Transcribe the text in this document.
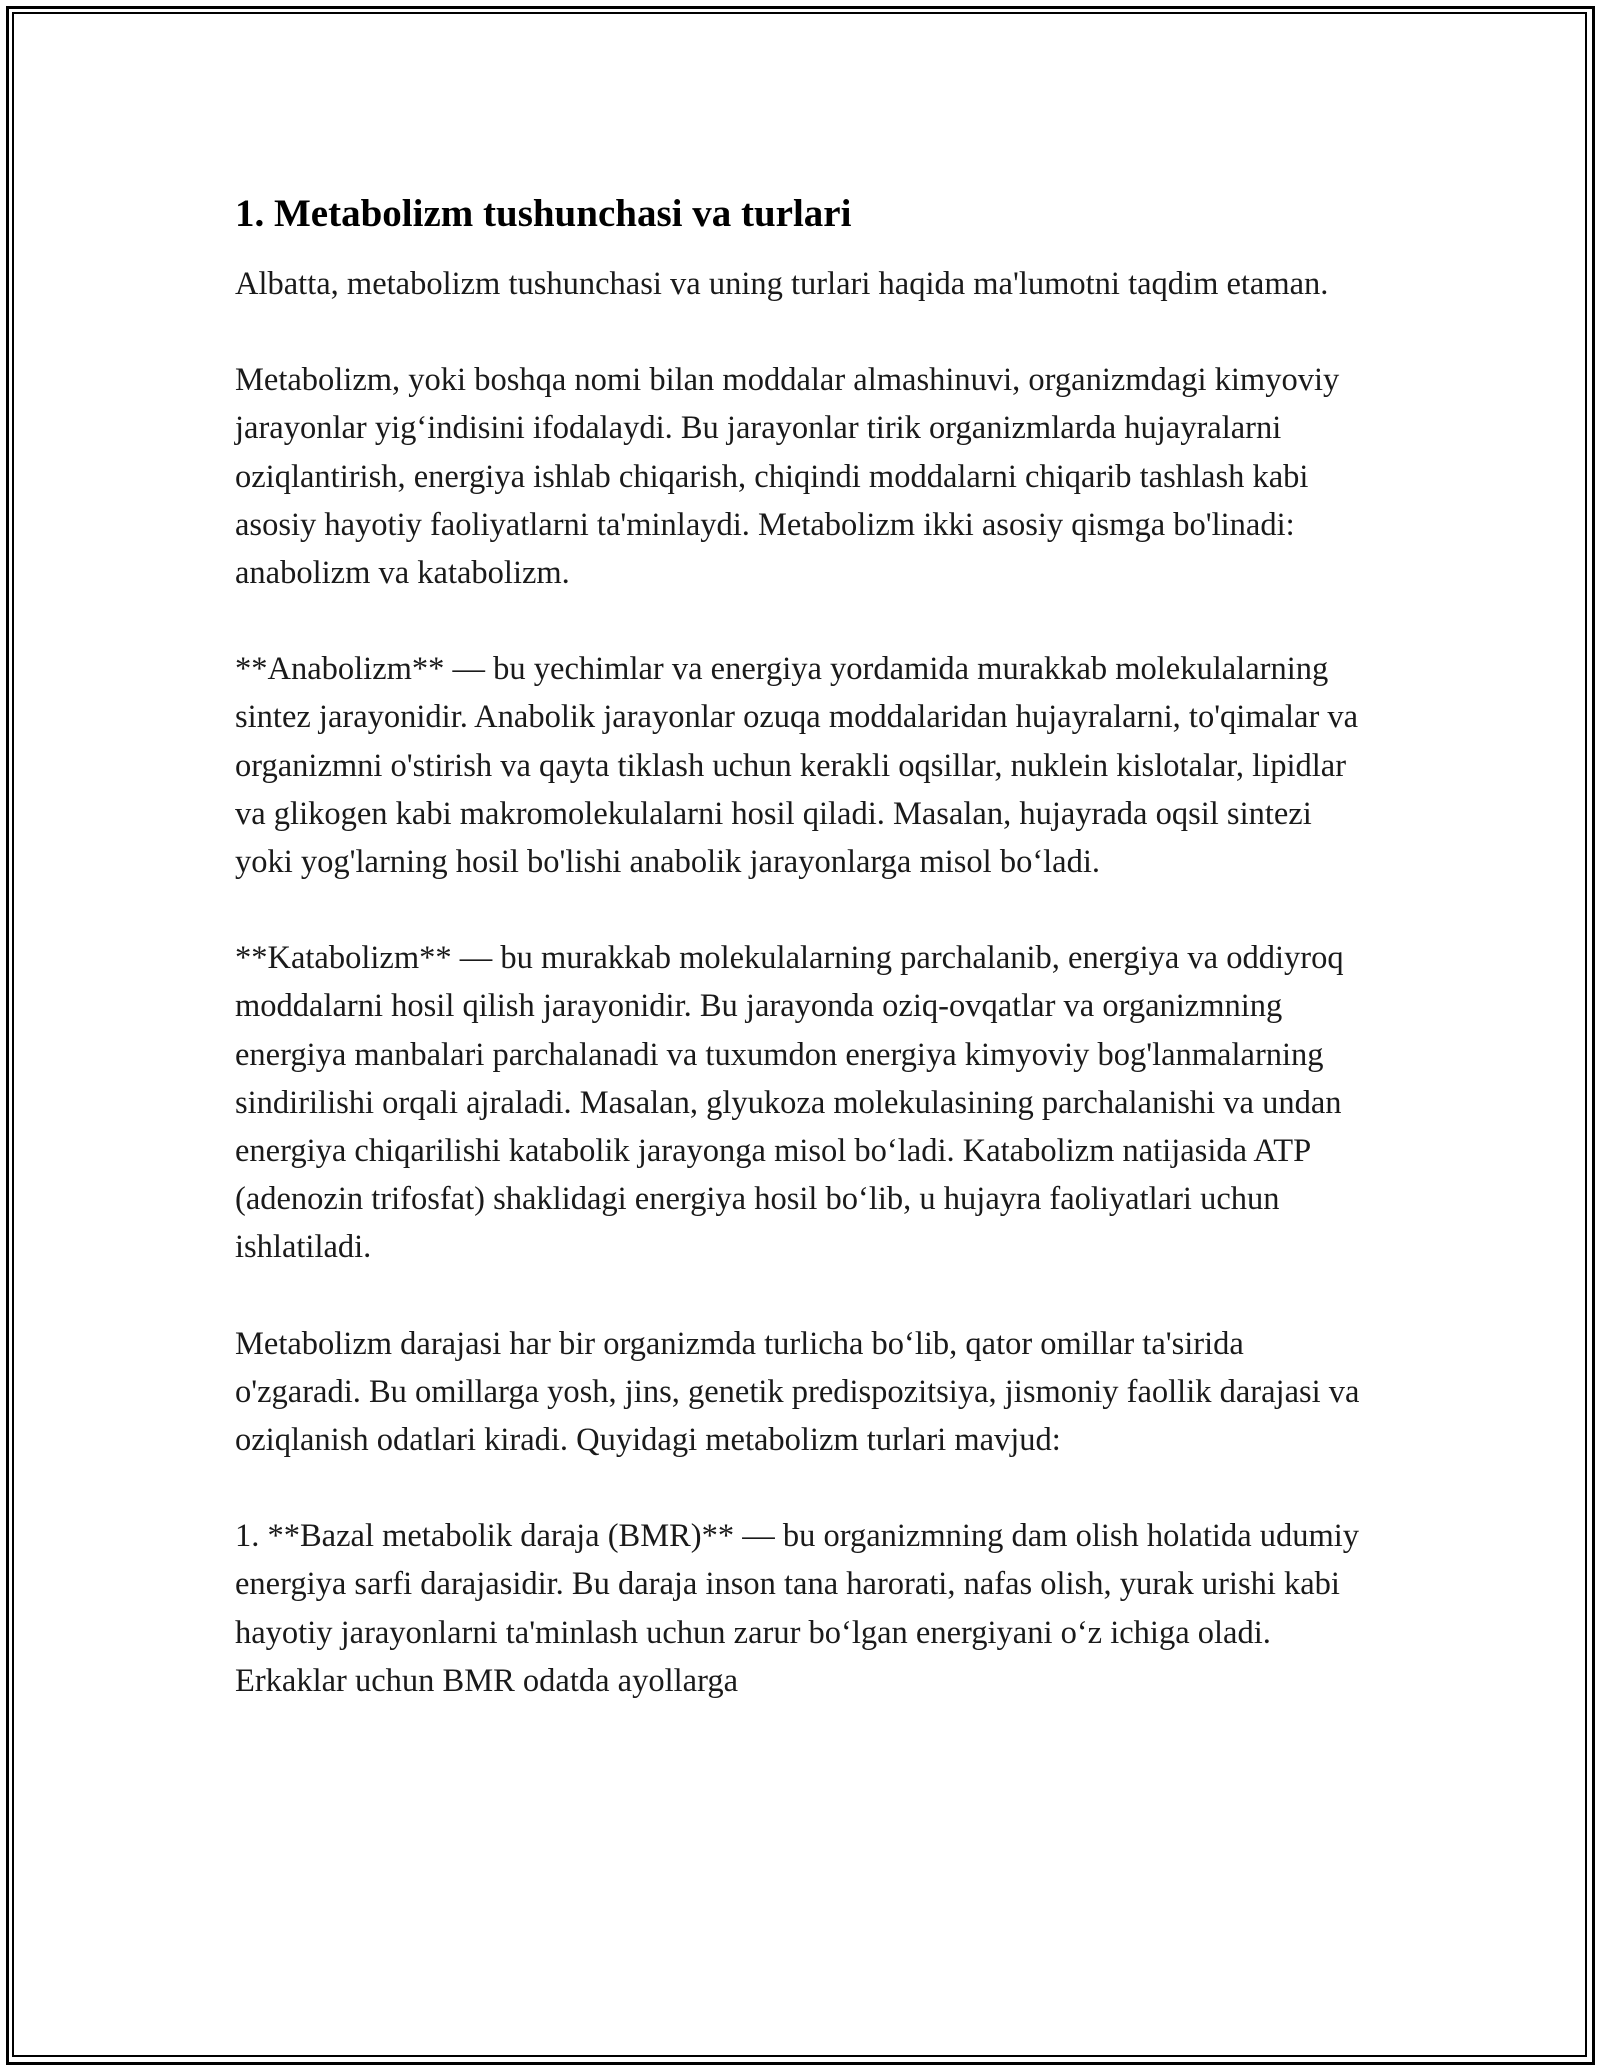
1. Metabolizm tushunchasi va turlari

Albatta, metabolizm tushunchasi va uning turlari haqida ma'lumotni taqdim etaman.

Metabolizm, yoki boshqa nomi bilan moddalar almashinuvi, organizmdagi kimyoviy jarayonlar yig‘indisini ifodalaydi. Bu jarayonlar tirik organizmlarda hujayralarni oziqlantirish, energiya ishlab chiqarish, chiqindi moddalarni chiqarib tashlash kabi asosiy hayotiy faoliyatlarni ta'minlaydi. Metabolizm ikki asosiy qismga bo'linadi: anabolizm va katabolizm.

**Anabolizm** — bu yechimlar va energiya yordamida murakkab molekulalarning sintez jarayonidir. Anabolik jarayonlar ozuqa moddalaridan hujayralarni, to'qimalar va organizmni o'stirish va qayta tiklash uchun kerakli oqsillar, nuklein kislotalar, lipidlar va glikogen kabi makromolekulalarni hosil qiladi. Masalan, hujayrada oqsil sintezi yoki yog'larning hosil bo'lishi anabolik jarayonlarga misol bo‘ladi.

**Katabolizm** — bu murakkab molekulalarning parchalanib, energiya va oddiyroq moddalarni hosil qilish jarayonidir. Bu jarayonda oziq-ovqatlar va organizmning energiya manbalari parchalanadi va tuxumdon energiya kimyoviy bog'lanmalarning sindirilishi orqali ajraladi. Masalan, glyukoza molekulasining parchalanishi va undan energiya chiqarilishi katabolik jarayonga misol bo‘ladi. Katabolizm natijasida ATP (adenozin trifosfat) shaklidagi energiya hosil bo‘lib, u hujayra faoliyatlari uchun ishlatiladi.

Metabolizm darajasi har bir organizmda turlicha bo‘lib, qator omillar ta'sirida o'zgaradi. Bu omillarga yosh, jins, genetik predispozitsiya, jismoniy faollik darajasi va oziqlanish odatlari kiradi. Quyidagi metabolizm turlari mavjud:

1. **Bazal metabolik daraja (BMR)** — bu organizmning dam olish holatida udumiy energiya sarfi darajasidir. Bu daraja inson tana harorati, nafas olish, yurak urishi kabi hayotiy jarayonlarni ta'minlash uchun zarur bo‘lgan energiyani o‘z ichiga oladi. Erkaklar uchun BMR odatda ayollarga
